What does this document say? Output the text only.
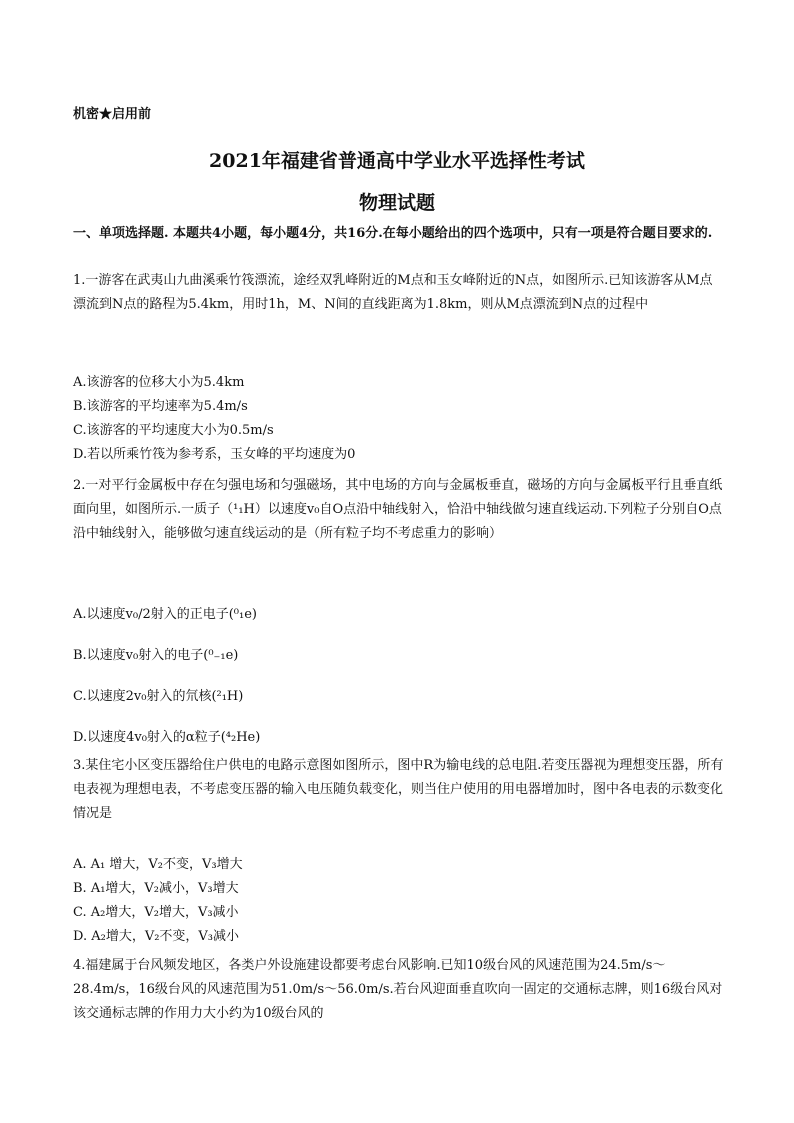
机密★启用前
2021年福建省普通高中学业水平选择性考试
物理试题
一、单项选择题. 本题共4小题，每小题4分，共16分.在每小题给出的四个选项中，只有一项是符合题目要求的.
1.一游客在武夷山九曲溪乘竹筏漂流，途经双乳峰附近的M点和玉女峰附近的N点，如图所示.已知该游客从M点漂流到N点的路程为5.4km，用时1h，M、N间的直线距离为1.8km，则从M点漂流到N点的过程中
A.该游客的位移大小为5.4km
B.该游客的平均速率为5.4m/s
C.该游客的平均速度大小为0.5m/s
D.若以所乘竹筏为参考系，玉女峰的平均速度为0
2.一对平行金属板中存在匀强电场和匀强磁场，其中电场的方向与金属板垂直，磁场的方向与金属板平行且垂直纸面向里，如图所示.一质子（¹₁H）以速度v₀自O点沿中轴线射入，恰沿中轴线做匀速直线运动.下列粒子分别自O点沿中轴线射入，能够做匀速直线运动的是（所有粒子均不考虑重力的影响）
A.以速度v₀/2射入的正电子(⁰₁e)
B.以速度v₀射入的电子(⁰₋₁e)
C.以速度2v₀射入的氘核(²₁H)
D.以速度4v₀射入的α粒子(⁴₂He)
3.某住宅小区变压器给住户供电的电路示意图如图所示，图中R为输电线的总电阻.若变压器视为理想变压器，所有电表视为理想电表，不考虑变压器的输入电压随负载变化，则当住户使用的用电器增加时，图中各电表的示数变化情况是
A. A₁ 增大，V₂不变，V₃增大
B. A₁增大，V₂减小，V₃增大
C. A₂增大，V₂增大，V₃减小
D. A₂增大，V₂不变，V₃减小
4.福建属于台风频发地区，各类户外设施建设都要考虑台风影响.已知10级台风的风速范围为24.5m/s～28.4m/s，16级台风的风速范围为51.0m/s～56.0m/s.若台风迎面垂直吹向一固定的交通标志牌，则16级台风对该交通标志牌的作用力大小约为10级台风的
